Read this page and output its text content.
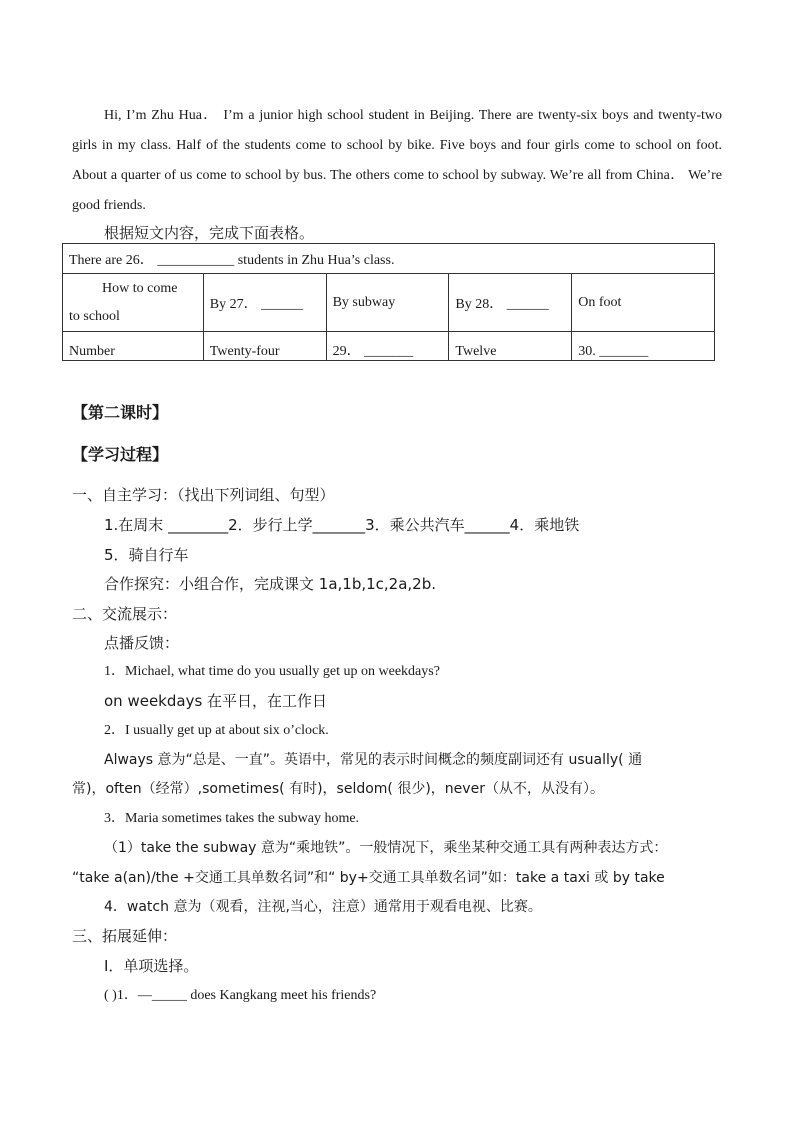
Hi, I’m Zhu Hua． I’m a junior high school student in Beijing. There are twenty-six boys and twenty-two girls in my class. Half of the students come to school by bike. Five boys and four girls come to school on foot. About a quarter of us come to school by bus. The others come to school by subway. We’re all from China． We’re good friends.
根据短文内容，完成下面表格。
There are 26． ___________ students in Zhu Hua’s class.				

How to come
to school	By 27． ______	By subway	By 28． ______	On foot
Number	Twenty-four	29． _______	Twelve	30. _______
【第二课时】
【学习过程】
一、自主学习：（找出下列词组、句型）
1.在周末 ________2．步行上学_______3．乘公共汽车______4．乘地铁
5．骑自行车
合作探究：小组合作，完成课文 1a,1b,1c,2a,2b.
二、交流展示：
点播反馈：
1．Michael, what time do you usually get up on weekdays?
on weekdays 在平日，在工作日
2．I usually get up at about six o’clock.
Always 意为“总是、一直”。英语中，常见的表示时间概念的频度副词还有 usually( 通
常)，often（经常）,sometimes( 有时)，seldom( 很少)，never（从不，从没有）。
3．Maria sometimes takes the subway home.
（1）take the subway 意为“乘地铁”。一般情况下，乘坐某种交通工具有两种表达方式：
“take a(an)/the +交通工具单数名词”和“ by+交通工具单数名词”如：take a taxi 或 by take
4．watch 意为（观看，注视,当心，注意）通常用于观看电视、比赛。
三、拓展延伸：
Ⅰ．单项选择。
( )1．—_____ does Kangkang meet his friends?
